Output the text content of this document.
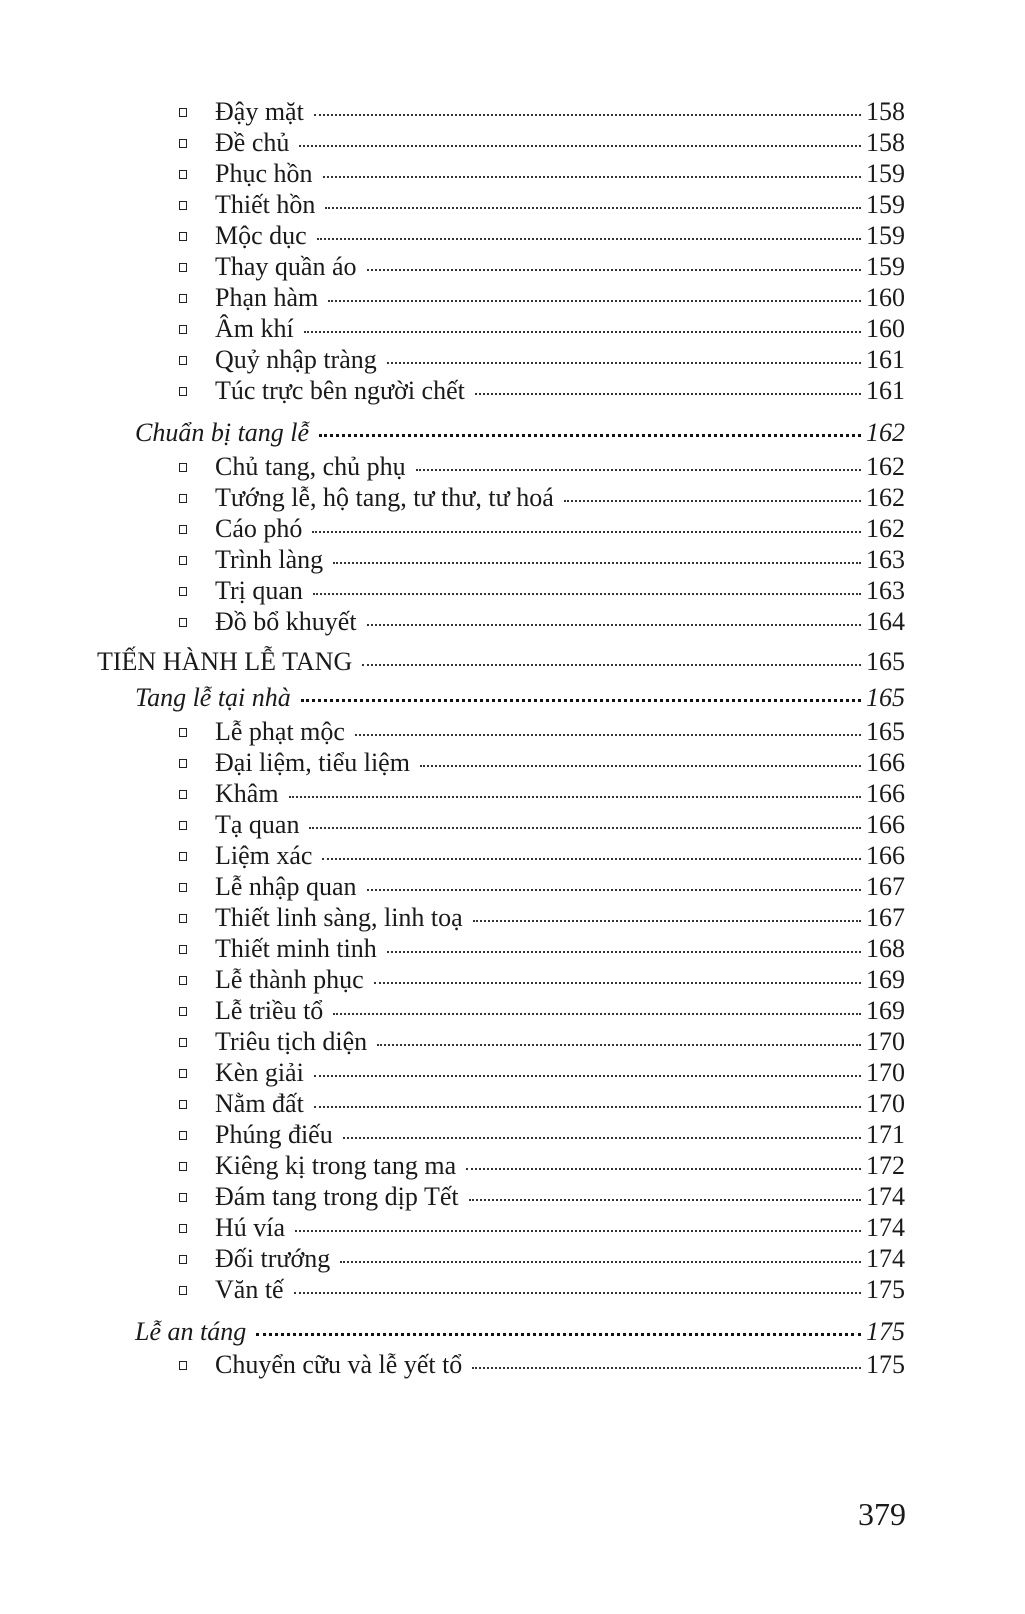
Đậy mặt	158
Đề chủ	158
Phục hồn	159
Thiết hồn	159
Mộc dục	159
Thay quần áo	159
Phạn hàm	160
Âm khí	160
Quỷ nhập tràng	161
Túc trực bên người chết	161
Chuẩn bị tang lễ	162
Chủ tang, chủ phụ	162
Tướng lễ, hộ tang, tư thư, tư hoá	162
Cáo phó	162
Trình làng	163
Trị quan	163
Đồ bổ khuyết	164
TIẾN HÀNH LỄ TANG	165
Tang lễ tại nhà	165
Lễ phạt mộc	165
Đại liệm, tiểu liệm	166
Khâm	166
Tạ quan	166
Liệm xác	166
Lễ nhập quan	167
Thiết linh sàng, linh toạ	167
Thiết minh tinh	168
Lễ thành phục	169
Lễ triều tổ	169
Triêu tịch diện	170
Kèn giải	170
Nằm đất	170
Phúng điếu	171
Kiêng kị trong tang ma	172
Đám tang trong dịp Tết	174
Hú vía	174
Đối trướng	174
Văn tế	175
Lễ an táng	175
Chuyển cữu và lễ yết tổ	175
379
